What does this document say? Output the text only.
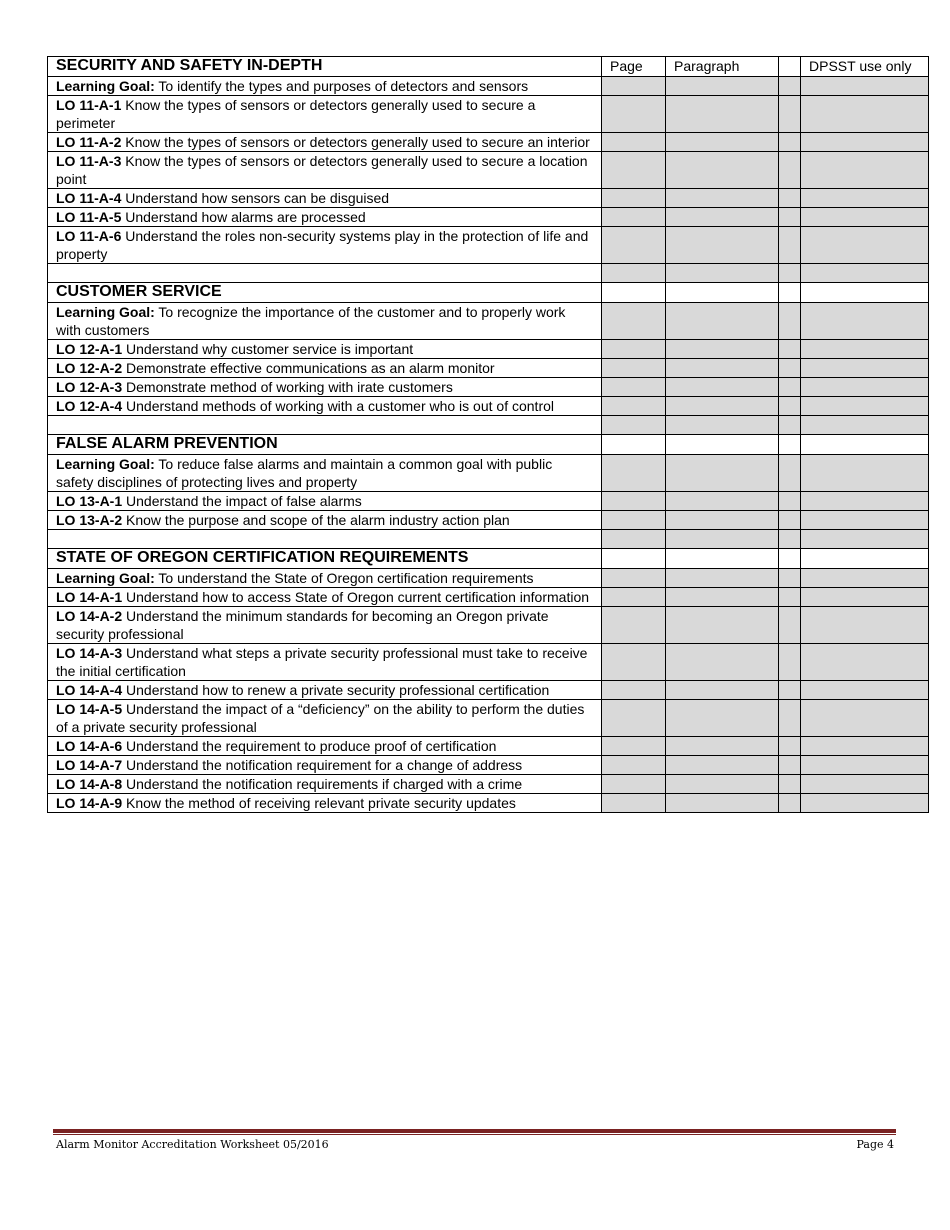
SECURITY AND SAFETY IN-DEPTH	Page	Paragraph		DPSST use only
Learning Goal: To identify the types and purposes of detectors and sensors				
LO 11-A-1 Know the types of sensors or detectors generally used to secure a perimeter				
LO 11-A-2 Know the types of sensors or detectors generally used to secure an interior				
LO 11-A-3 Know the types of sensors or detectors generally used to secure a location point				
LO 11-A-4 Understand how sensors can be disguised				
LO 11-A-5 Understand how alarms are processed				
LO 11-A-6 Understand the roles non-security systems play in the protection of life and property				

CUSTOMER SERVICE				
Learning Goal: To recognize the importance of the customer and to properly work with customers				
LO 12-A-1 Understand why customer service is important				
LO 12-A-2 Demonstrate effective communications as an alarm monitor				
LO 12-A-3 Demonstrate method of working with irate customers				
LO 12-A-4 Understand methods of working with a customer who is out of control				

FALSE ALARM PREVENTION				
Learning Goal: To reduce false alarms and maintain a common goal with public safety disciplines of protecting lives and property				
LO 13-A-1 Understand the impact of false alarms				
LO 13-A-2 Know the purpose and scope of the alarm industry action plan				

STATE OF OREGON CERTIFICATION REQUIREMENTS				
Learning Goal: To understand the State of Oregon certification requirements				
LO 14-A-1 Understand how to access State of Oregon current certification information				
LO 14-A-2 Understand the minimum standards for becoming an Oregon private security professional				
LO 14-A-3 Understand what steps a private security professional must take to receive the initial certification				
LO 14-A-4 Understand how to renew a private security professional certification				
LO 14-A-5 Understand the impact of a “deficiency” on the ability to perform the duties of a private security professional				
LO 14-A-6 Understand the requirement to produce proof of certification				
LO 14-A-7 Understand the notification requirement for a change of address				
LO 14-A-8 Understand the notification requirements if charged with a crime				
LO 14-A-9 Know the method of receiving relevant private security updates				
Alarm Monitor Accreditation Worksheet 05/2016	Page 4
